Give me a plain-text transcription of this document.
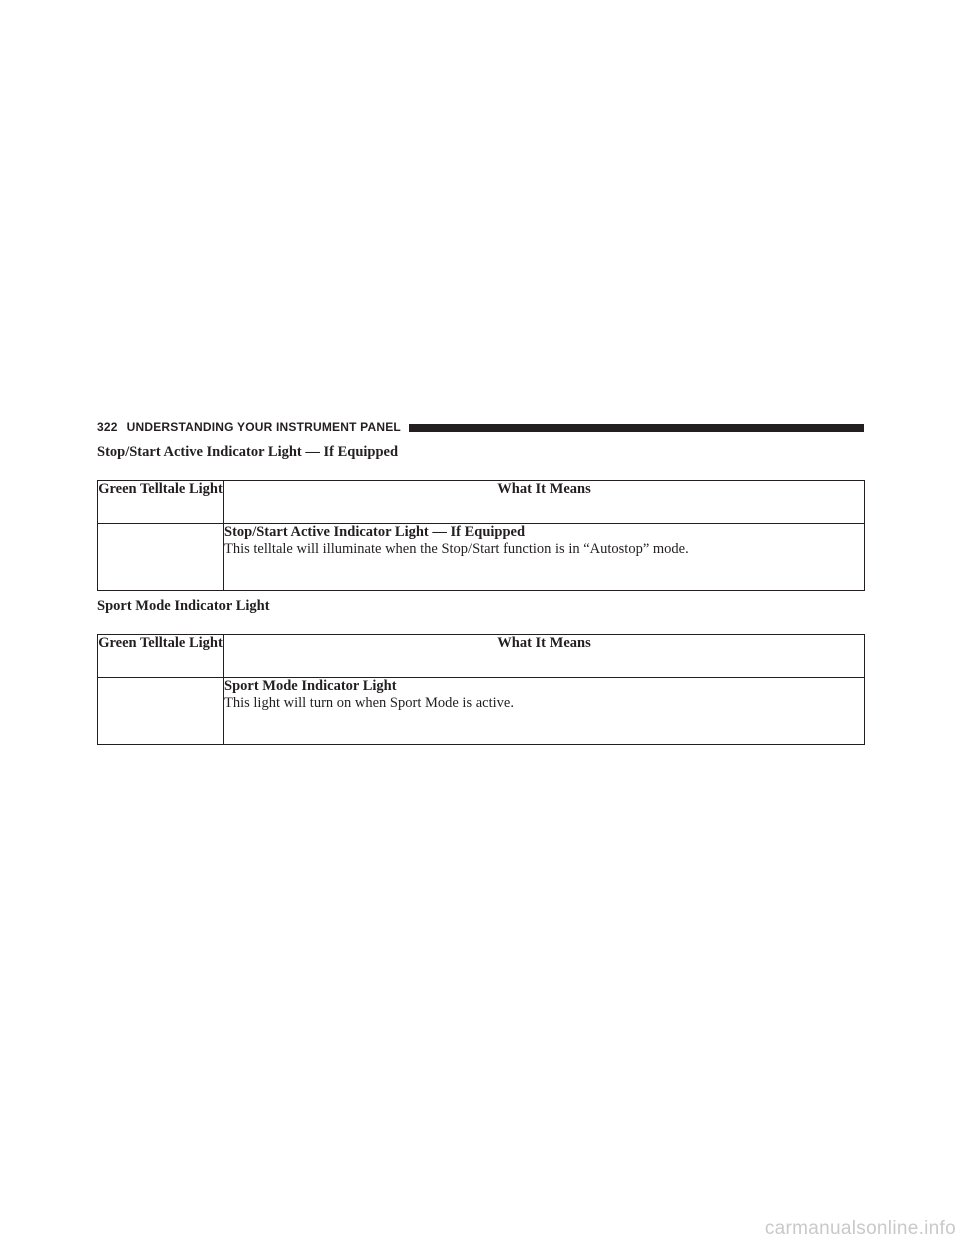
322 UNDERSTANDING YOUR INSTRUMENT PANEL
Stop/Start Active Indicator Light — If Equipped
Green Telltale Light	What It Means

	Stop/Start Active Indicator Light — If Equipped
This telltale will illuminate when the Stop/Start function is in “Autostop” mode.
Sport Mode Indicator Light
Green Telltale Light	What It Means

	Sport Mode Indicator Light
This light will turn on when Sport Mode is active.
carmanualsonline.info
